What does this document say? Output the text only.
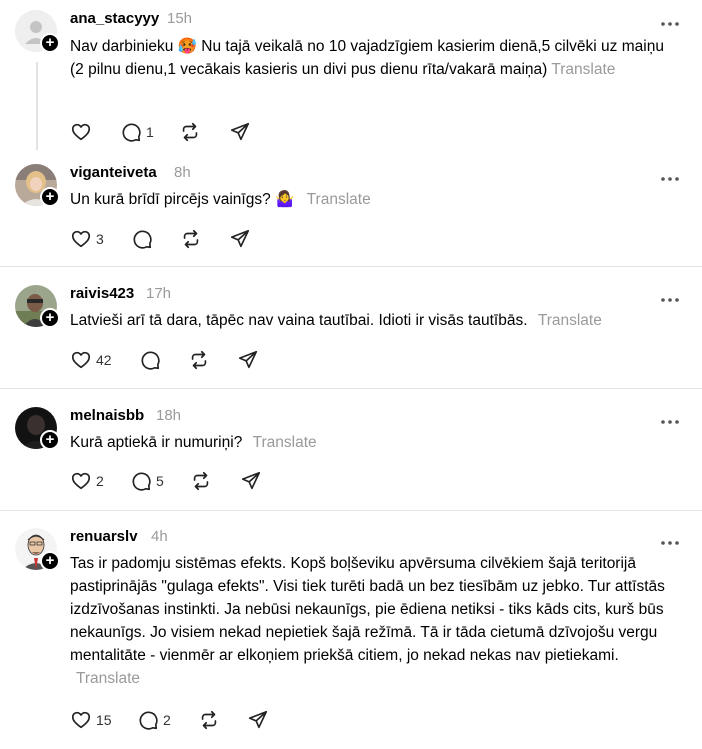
+
ana_stacyyy 15h
Nav darbinieku 🥵 Nu tajā veikalā no 10 vajadzīgiem kasierim dienā,5 cilvēki uz maiņu (2 pilnu dienu,1 vecākais kasieris un divi pus dienu rīta/vakarā maiņa) Translate
1
+
viganteiveta 8h
Un kurā brīdī pircējs vainīgs? 🤷‍♀️ Translate
3
+
raivis423 17h
Latvieši arī tā dara, tāpēc nav vaina tautībai. Idioti ir visās tautībās. Translate
42
+
melnaisbb 18h
Kurā aptiekā ir numuriņi? Translate
2	5
+
renuarslv 4h
Tas ir padomju sistēmas efekts. Kopš boļševiku apvērsuma cilvēkiem šajā teritorijā pastiprinājās "gulaga efekts". Visi tiek turēti badā un bez tiesībām uz jebko. Tur attīstās izdzīvošanas instinkti. Ja nebūsi nekaunīgs, pie ēdiena netiksi - tiks kāds cits, kurš būs nekaunīgs. Jo visiem nekad nepietiek šajā režīmā. Tā ir tāda cietumā dzīvojošu vergu mentalitāte - vienmēr ar elkoņiem priekšā citiem, jo nekad nekas nav pietiekami. Translate
15	2
